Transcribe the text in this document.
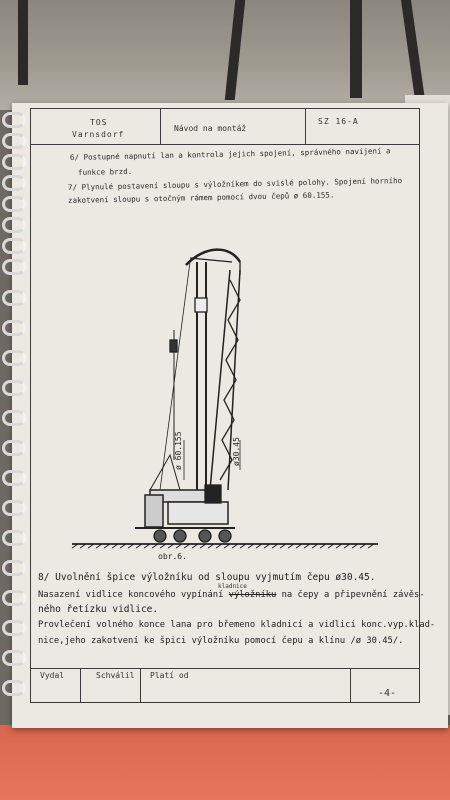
TOS
Varnsdorf
Návod na montáž
SZ 16-A
6/ Postupné napnutí lan a kontrola jejich spojení, správného navíjení a
funkce brzd.
7/ Plynulé postavení sloupu s výložníkem do svislé polohy. Spojení horního
zakotvení sloupu s otočným rámem pomocí dvou čepů ø 60.155.
ø 60.155	ø30.45
obr.6.
8/ Uvolnění špice výložníku od sloupu vyjmutím čepu ø30.45.
Nasazení vidlice koncového vypínání výložníku na čepy a připevnění závěs-
kladnice
ného řetízku vidlice.
Provlečení volného konce lana pro břemeno kladnicí a vidlicí konc.vyp.klad-
nice,jeho zakotvení ke špici výložníku pomocí čepu a klínu /ø 30.45/.
Vydal	Schválil Platí od
-4-
